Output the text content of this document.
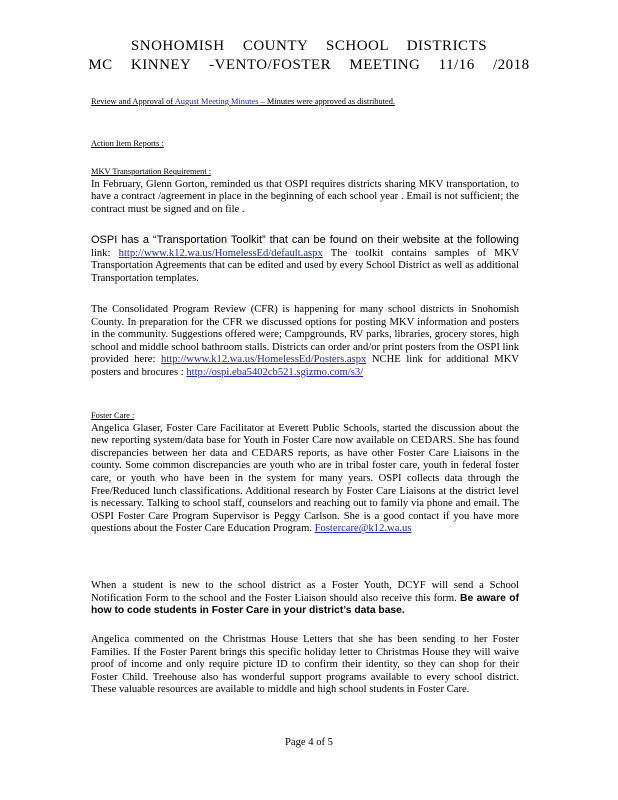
SNOHOMISH COUNTY SCHOOL DISTRICTS
MC KINNEY -VENTO/FOSTER MEETING 11/16 /2018

Review and Approval of August Meeting Minutes – Minutes were approved as distributed.

Action Item Reports :

MKV Transportation Requirement :
In February, Glenn Gorton, reminded us that OSPI requires districts sharing MKV transportation, to have a contract /agreement in place in the beginning of each school year . Email is not sufficient; the contract must be signed and on file .

OSPI has a “Transportation Toolkit” that can be found on their website at the following link: http://www.k12.wa.us/HomelessEd/default.aspx The toolkit contains samples of MKV Transportation Agreements that can be edited and used by every School District as well as additional Transportation templates.

The Consolidated Program Review (CFR) is happening for many school districts in Snohomish County. In preparation for the CFR we discussed options for posting MKV information and posters in the community. Suggestions offered were; Campgrounds, RV parks, libraries, grocery stores, high school and middle school bathroom stalls. Districts can order and/or print posters from the OSPI link provided here: http://www.k12.wa.us/HomelessEd/Posters.aspx NCHE link for additional MKV posters and brocures : http://ospi.eba5402cb521.sgizmo.com/s3/

Foster Care :
Angelica Glaser, Foster Care Facilitator at Everett Public Schools, started the discussion about the new reporting system/data base for Youth in Foster Care now available on CEDARS. She has found discrepancies between her data and CEDARS reports, as have other Foster Care Liaisons in the county. Some common discrepancies are youth who are in tribal foster care, youth in federal foster care, or youth who have been in the system for many years. OSPI collects data through the Free/Reduced lunch classifications. Additional research by Foster Care Liaisons at the district level is necessary. Talking to school staff, counselors and reaching out to family via phone and email. The OSPI Foster Care Program Supervisor is Peggy Carlson. She is a good contact if you have more questions about the Foster Care Education Program. Fostercare@k12.wa.us

When a student is new to the school district as a Foster Youth, DCYF will send a School Notification Form to the school and the Foster Liaison should also receive this form. Be aware of how to code students in Foster Care in your district’s data base.

Angelica commented on the Christmas House Letters that she has been sending to her Foster Families. If the Foster Parent brings this specific holiday letter to Christmas House they will waive proof of income and only require picture ID to confirm their identity, so they can shop for their Foster Child. Treehouse also has wonderful support programs available to every school district. These valuable resources are available to middle and high school students in Foster Care.

Page 4 of 5
